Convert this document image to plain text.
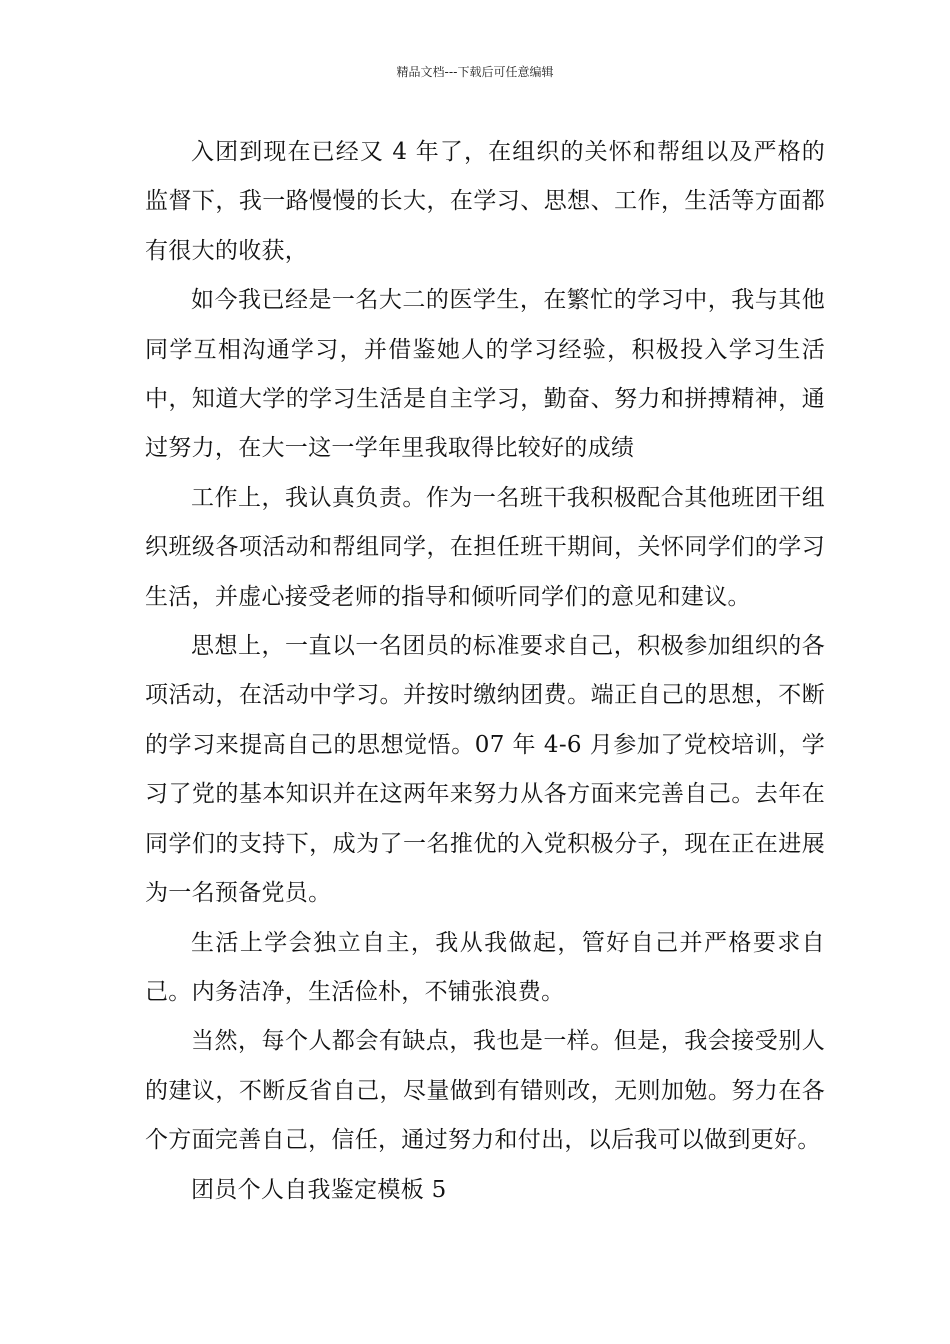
精品文档---下载后可任意编辑

入团到现在已经又 4 年了，在组织的关怀和帮组以及严格的监督下，我一路慢慢的长大，在学习、思想、工作，生活等方面都有很大的收获，

如今我已经是一名大二的医学生，在繁忙的学习中，我与其他同学互相沟通学习，并借鉴她人的学习经验，积极投入学习生活中，知道大学的学习生活是自主学习，勤奋、努力和拼搏精神，通过努力，在大一这一学年里我取得比较好的成绩

工作上，我认真负责。作为一名班干我积极配合其他班团干组织班级各项活动和帮组同学，在担任班干期间，关怀同学们的学习生活，并虚心接受老师的指导和倾听同学们的意见和建议。

思想上，一直以一名团员的标准要求自己，积极参加组织的各项活动，在活动中学习。并按时缴纳团费。端正自己的思想，不断的学习来提高自己的思想觉悟。07 年 4-6 月参加了党校培训，学习了党的基本知识并在这两年来努力从各方面来完善自己。去年在同学们的支持下，成为了一名推优的入党积极分子，现在正在进展为一名预备党员。

生活上学会独立自主，我从我做起，管好自己并严格要求自己。内务洁净，生活俭朴，不铺张浪费。

当然，每个人都会有缺点，我也是一样。但是，我会接受别人的建议，不断反省自己，尽量做到有错则改，无则加勉。努力在各个方面完善自己，信任，通过努力和付出，以后我可以做到更好。

团员个人自我鉴定模板 5
